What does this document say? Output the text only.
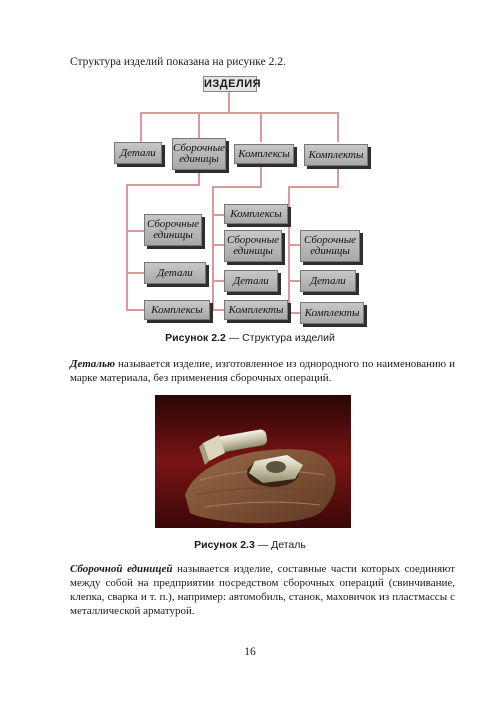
Структура изделий показана на рисунке 2.2.
ИЗДЕЛИЯ
Детали	Сборочные
единицы	Комплексы	Комплекты
Сборочные
единицы
Детали
Комплексы
Комплексы
Сборочные
единицы
Детали
Комплекты
Сборочные
единицы
Детали
Комплекты
Рисунок 2.2 — Структура изделий
Деталью называется изделие, изготовленное из однородного по наименованию и марке материала, без применения сборочных операций.
Рисунок 2.3 — Деталь
Сборочной единицей называется изделие, составные части которых соединяют между собой на предприятии посредством сборочных операций (свинчивание, клепка, сварка и т. п.), например: автомобиль, станок, маховичок из пластмассы с металлической арматурой.
16
